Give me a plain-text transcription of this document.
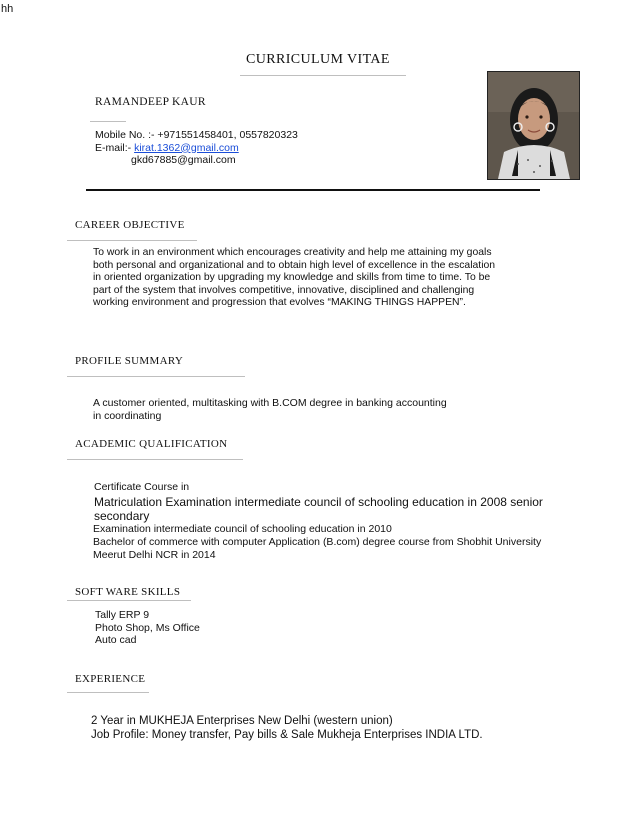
hh
CURRICULUM VITAE
RAMANDEEP KAUR
Mobile No. :- +971551458401, 0557820323
E-mail:- kirat.1362@gmail.com
gkd67885@gmail.com
CAREER OBJECTIVE
To work in an environment which encourages creativity and help me attaining my goals
both personal and organizational and to obtain high level of excellence in the escalation
in oriented organization by upgrading my knowledge and skills from time to time. To be
part of the system that involves competitive, innovative, disciplined and challenging
working environment and progression that evolves “MAKING THINGS HAPPEN”.
PROFILE SUMMARY
A customer oriented, multitasking with B.COM degree in banking accounting
in coordinating
ACADEMIC QUALIFICATION
Certificate Course in
Matriculation Examination intermediate council of schooling education in 2008 senior
secondary
Examination intermediate council of schooling education in 2010
Bachelor of commerce with computer Application (B.com) degree course from Shobhit University
Meerut Delhi NCR in 2014
SOFT WARE SKILLS
Tally ERP 9
Photo Shop, Ms Office
Auto cad
EXPERIENCE
2 Year in MUKHEJA Enterprises New Delhi (western union)
Job Profile: Money transfer, Pay bills & Sale Mukheja Enterprises INDIA LTD.
